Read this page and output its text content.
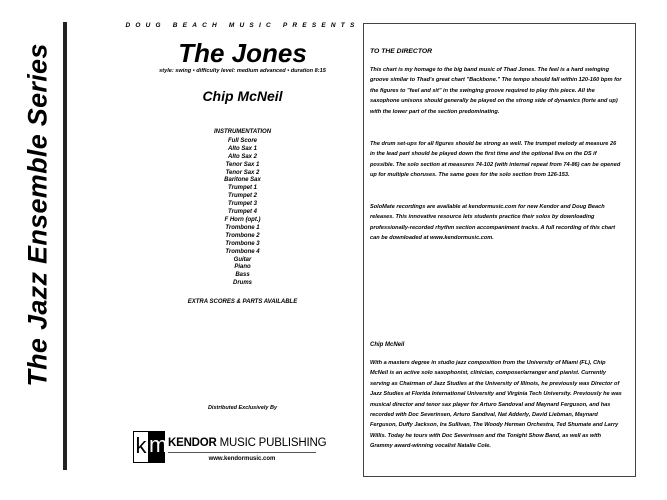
The Jazz Ensemble Series
DOUG BEACH MUSIC PRESENTS
The Jones
style: swing • difficulty level: medium advanced • duration 8:15
Chip McNeil
INSTRUMENTATION
Full Score
Alto Sax 1
Alto Sax 2
Tenor Sax 1
Tenor Sax 2
Baritone Sax
Trumpet 1
Trumpet 2
Trumpet 3
Trumpet 4
F Horn (opt.)
Trombone 1
Trombone 2
Trombone 3
Trombone 4
Guitar
Piano
Bass
Drums
EXTRA SCORES & PARTS AVAILABLE
Distributed Exclusively By
k m KENDOR MUSIC PUBLISHING
www.kendormusic.com
TO THE DIRECTOR

This chart is my homage to the big band music of Thad Jones. The feel is a hard swinging groove similar to Thad's great chart "Backbone." The tempo should fall within 120-160 bpm for the figures to "feel and sit" in the swinging groove required to play this piece. All the saxophone unisons should generally be played on the strong side of dynamics (forte and up) with the lower part of the section predominating.

The drum set-ups for all figures should be strong as well. The trumpet melody at measure 26 in the lead part should be played down the first time and the optional 8va on the DS if possible. The solo section at measures 74-102 (with internal repeat from 74-86) can be opened up for multiple choruses. The same goes for the solo section from 126-153.

SoloMate recordings are available at kendormusic.com for new Kendor and Doug Beach releases. This innovative resource lets students practice their solos by downloading professionally-recorded rhythm section accompaniment tracks. A full recording of this chart can be downloaded at www.kendormusic.com.

Chip McNeil

With a masters degree in studio jazz composition from the University of Miami (FL), Chip McNeil is an active solo saxophonist, clinician, composer/arranger and pianist. Currently serving as Chairman of Jazz Studies at the University of Illinois, he previously was Director of Jazz Studies at Florida International University and Virginia Tech University. Previously he was musical director and tenor sax player for Arturo Sandoval and Maynard Ferguson, and has recorded with Doc Severinsen, Arturo Sandival, Nat Adderly, David Liebman, Maynard Ferguson, Duffy Jackson, Ira Sullivan, The Woody Herman Orchestra, Ted Shumate and Larry Willis. Today he tours with Doc Severinsen and the Tonight Show Band, as well as with Grammy award-winning vocalist Natalie Cole.
